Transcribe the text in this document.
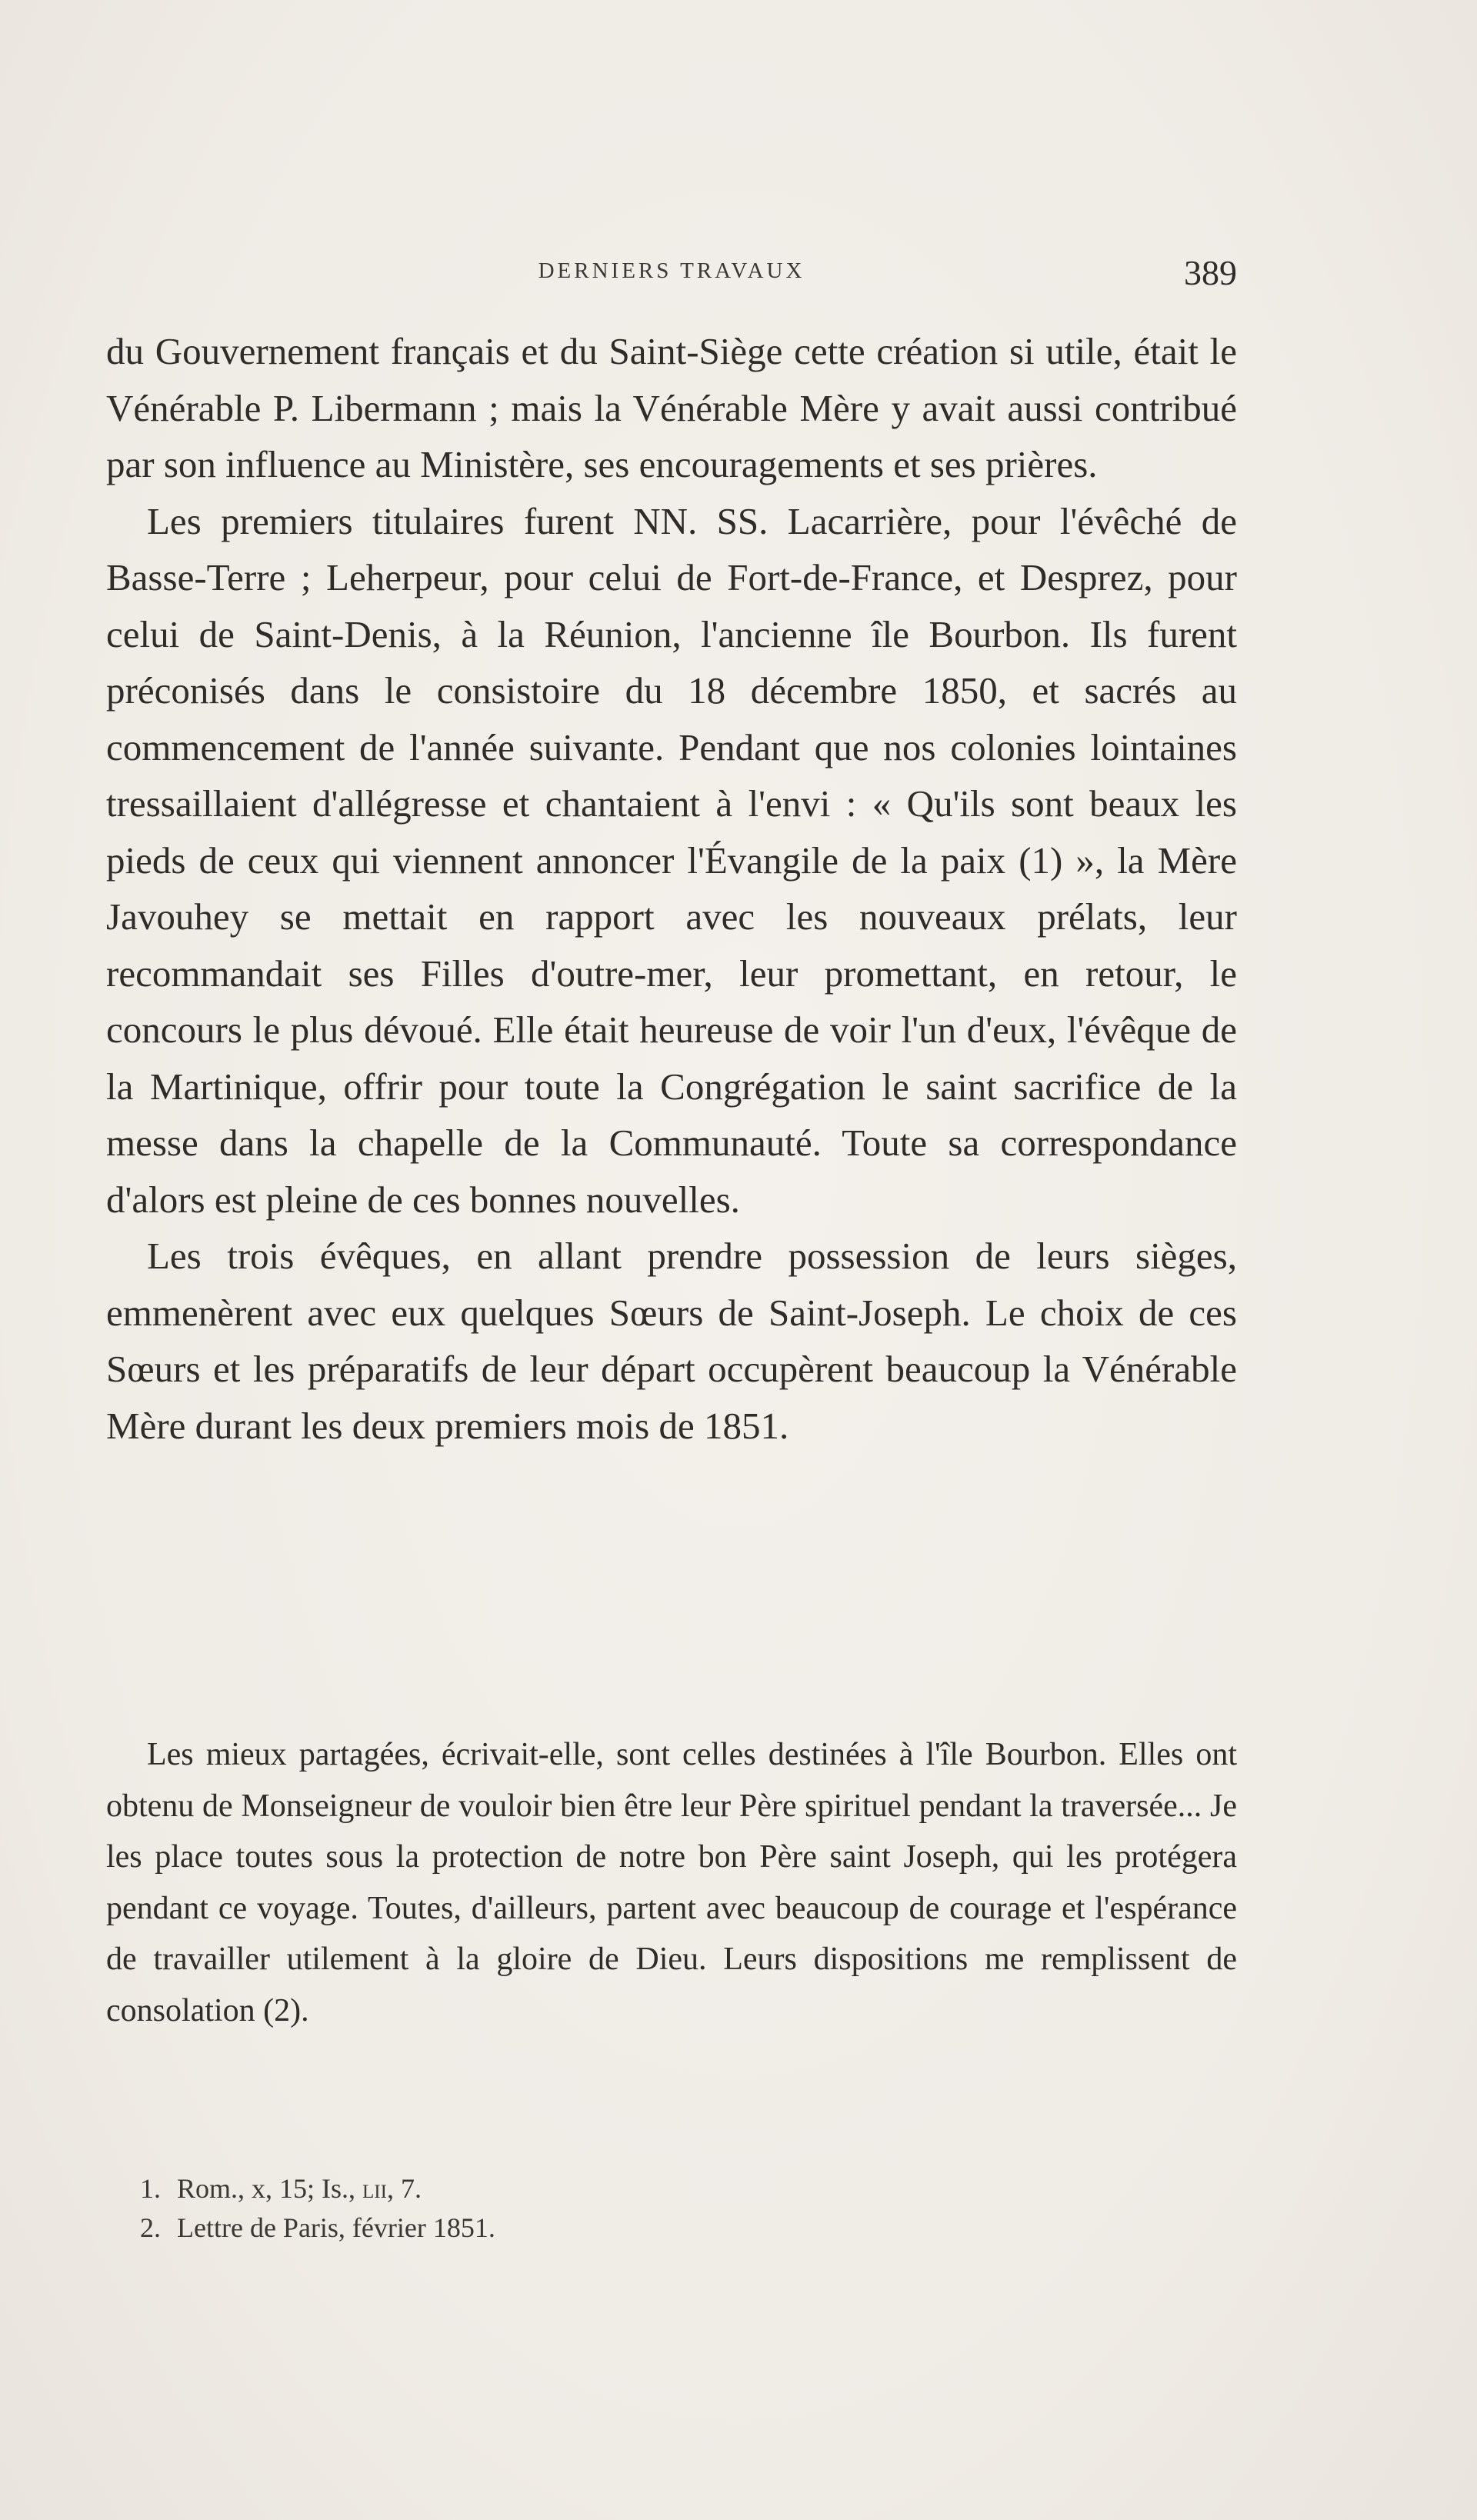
DERNIERS TRAVAUX	389

du Gouvernement français et du Saint-Siège cette création si utile, était le Vénérable P. Libermann ; mais la Vénérable Mère y avait aussi contribué par son influence au Ministère, ses encouragements et ses prières.

Les premiers titulaires furent NN. SS. Lacarrière, pour l'évêché de Basse-Terre ; Leherpeur, pour celui de Fort-de-France, et Desprez, pour celui de Saint-Denis, à la Réunion, l'ancienne île Bourbon. Ils furent préconisés dans le consistoire du 18 décembre 1850, et sacrés au commencement de l'année suivante. Pendant que nos colonies lointaines tressaillaient d'allégresse et chantaient à l'envi : « Qu'ils sont beaux les pieds de ceux qui viennent annoncer l'Évangile de la paix (1) », la Mère Javouhey se mettait en rapport avec les nouveaux prélats, leur recommandait ses Filles d'outre-mer, leur promettant, en retour, le concours le plus dévoué. Elle était heureuse de voir l'un d'eux, l'évêque de la Martinique, offrir pour toute la Congrégation le saint sacrifice de la messe dans la chapelle de la Communauté. Toute sa correspondance d'alors est pleine de ces bonnes nouvelles.

Les trois évêques, en allant prendre possession de leurs sièges, emmenèrent avec eux quelques Sœurs de Saint-Joseph. Le choix de ces Sœurs et les préparatifs de leur départ occupèrent beaucoup la Vénérable Mère durant les deux premiers mois de 1851.

Les mieux partagées, écrivait-elle, sont celles destinées à l'île Bourbon. Elles ont obtenu de Monseigneur de vouloir bien être leur Père spirituel pendant la traversée... Je les place toutes sous la protection de notre bon Père saint Joseph, qui les protégera pendant ce voyage. Toutes, d'ailleurs, partent avec beaucoup de courage et l'espérance de travailler utilement à la gloire de Dieu. Leurs dispositions me remplissent de consolation (2).

1. Rom., x, 15; Is., lii, 7.
2. Lettre de Paris, février 1851.
